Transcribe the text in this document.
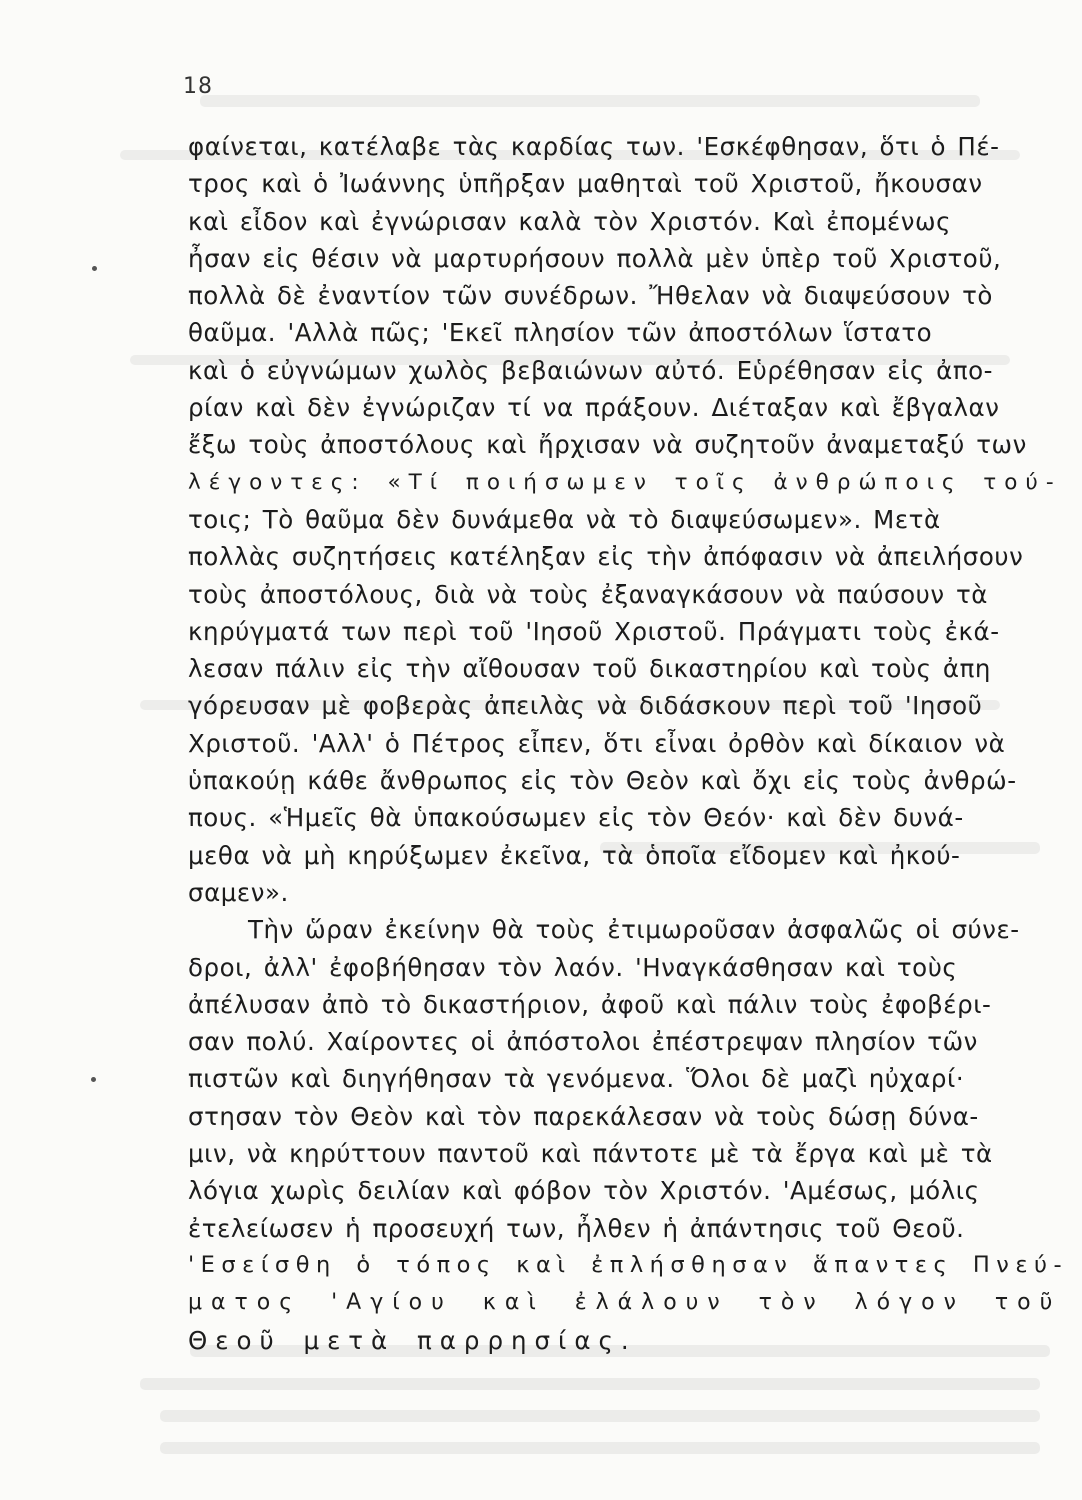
18
φαίνεται, κατέλαβε τὰς καρδίας των. 'Εσκέφθησαν, ὅτι ὁ Πέ-
τρος καὶ ὁ Ἰωάννης ὑπῆρξαν μαθηταὶ τοῦ Χριστοῦ, ἤκουσαν
καὶ εἶδον καὶ ἐγνώρισαν καλὰ τὸν Χριστόν. Καὶ ἐπομένως
ἦσαν εἰς θέσιν νὰ μαρτυρήσουν πολλὰ μὲν ὑπὲρ τοῦ Χριστοῦ,
πολλὰ δὲ ἐναντίον τῶν συνέδρων. Ἤθελαν νὰ διαψεύσουν τὸ
θαῦμα. 'Αλλὰ πῶς; 'Εκεῖ πλησίον τῶν ἀποστόλων ἵστατο
καὶ ὁ εὐγνώμων χωλὸς βεβαιώνων αὐτό. Εὑρέθησαν εἰς ἀπο-
ρίαν καὶ δὲν ἐγνώριζαν τί να πράξουν. Διέταξαν καὶ ἔβγαλαν
ἔξω τοὺς ἀποστόλους καὶ ἤρχισαν νὰ συζητοῦν ἀναμεταξύ των
λέγοντες: «Τί ποιήσωμεν τοῖς ἀνθρώποις τού-
τοις; Τὸ θαῦμα δὲν δυνάμεθα νὰ τὸ διαψεύσωμεν». Μετὰ
πολλὰς συζητήσεις κατέληξαν εἰς τὴν ἀπόφασιν νὰ ἀπειλήσουν
τοὺς ἀποστόλους, διὰ νὰ τοὺς ἐξαναγκάσουν νὰ παύσουν τὰ
κηρύγματά των περὶ τοῦ 'Ιησοῦ Χριστοῦ. Πράγματι τοὺς ἐκά-
λεσαν πάλιν εἰς τὴν αἴθουσαν τοῦ δικαστηρίου καὶ τοὺς ἀπη
γόρευσαν μὲ φοβερὰς ἀπειλὰς νὰ διδάσκουν περὶ τοῦ 'Ιησοῦ
Χριστοῦ. 'Αλλ' ὁ Πέτρος εἶπεν, ὅτι εἶναι ὀρθὸν καὶ δίκαιον νὰ
ὑπακούῃ κάθε ἄνθρωπος εἰς τὸν Θεὸν καὶ ὄχι εἰς τοὺς ἀνθρώ-
πους. «Ἡμεῖς θὰ ὑπακούσωμεν εἰς τὸν Θεόν· καὶ δὲν δυνά-
μεθα νὰ μὴ κηρύξωμεν ἐκεῖνα, τὰ ὁποῖα εἴδομεν καὶ ἠκού-
σαμεν».
Τὴν ὥραν ἐκείνην θὰ τοὺς ἐτιμωροῦσαν ἀσφαλῶς οἱ σύνε-
δροι, ἀλλ' ἐφοβήθησαν τὸν λαόν. 'Ηναγκάσθησαν καὶ τοὺς
ἀπέλυσαν ἀπὸ τὸ δικαστήριον, ἀφοῦ καὶ πάλιν τοὺς ἐφοβέρι-
σαν πολύ. Χαίροντες οἱ ἀπόστολοι ἐπέστρεψαν πλησίον τῶν
πιστῶν καὶ διηγήθησαν τὰ γενόμενα. Ὅλοι δὲ μαζὶ ηὐχαρί·
στησαν τὸν Θεὸν καὶ τὸν παρεκάλεσαν νὰ τοὺς δώσῃ δύνα-
μιν, νὰ κηρύττουν παντοῦ καὶ πάντοτε μὲ τὰ ἔργα καὶ μὲ τὰ
λόγια χωρὶς δειλίαν καὶ φόβον τὸν Χριστόν. 'Αμέσως, μόλις
ἐτελείωσεν ἡ προσευχή των, ἦλθεν ἡ ἀπάντησις τοῦ Θεοῦ.
'Εσείσθη ὁ τόπος καὶ ἐπλήσθησαν ἅπαντες Πνεύ-
ματος 'Αγίου καὶ ἐλάλουν τὸν λόγον τοῦ
Θεοῦ μετὰ παρρησίας.
